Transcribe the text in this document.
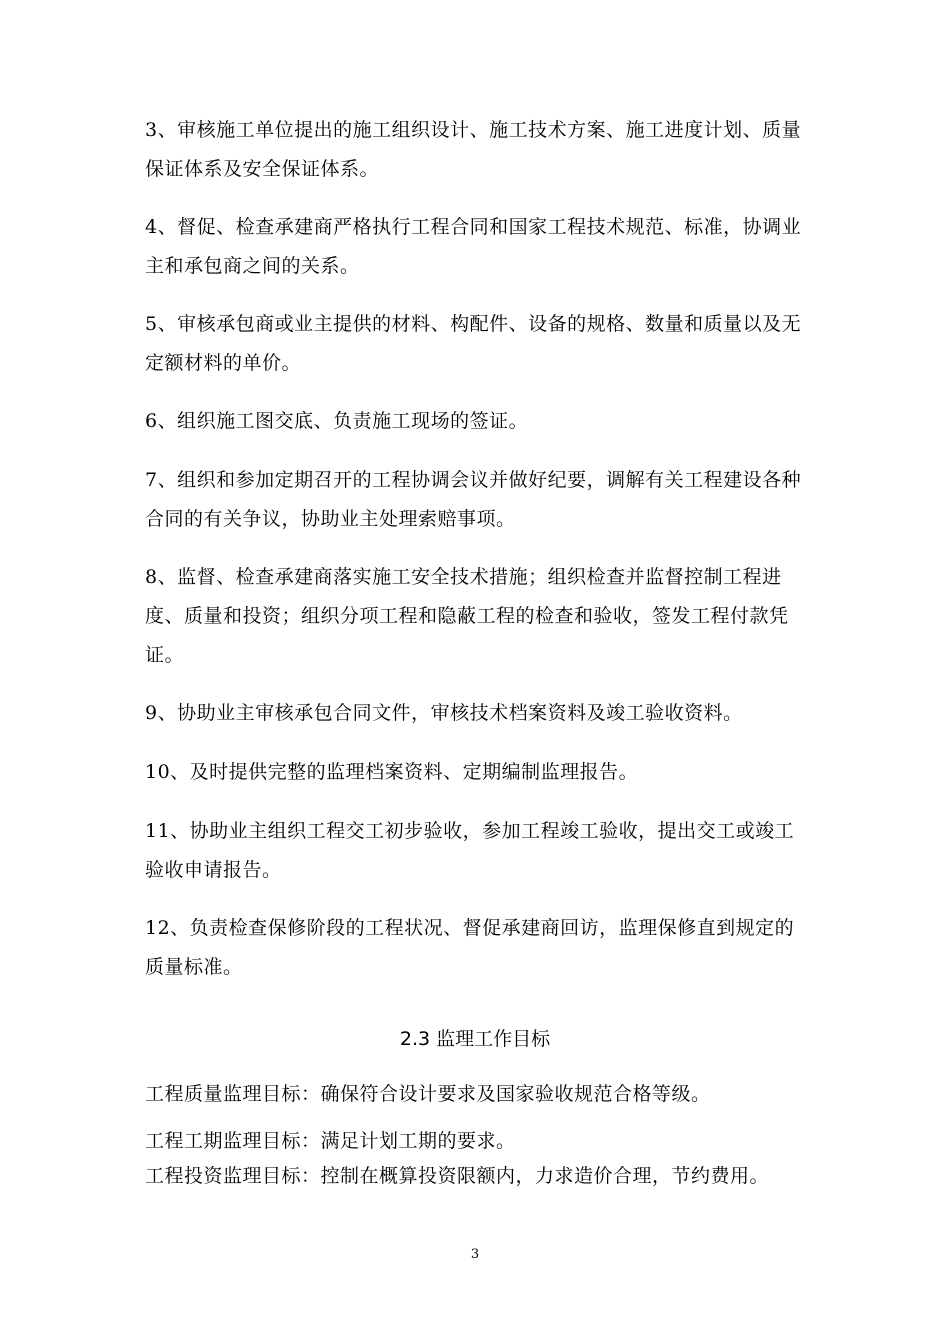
3、审核施工单位提出的施工组织设计、施工技术方案、施工进度计划、质量保证体系及安全保证体系。

4、督促、检查承建商严格执行工程合同和国家工程技术规范、标准，协调业主和承包商之间的关系。

5、审核承包商或业主提供的材料、构配件、设备的规格、数量和质量以及无定额材料的单价。

6、组织施工图交底、负责施工现场的签证。

7、组织和参加定期召开的工程协调会议并做好纪要，调解有关工程建设各种合同的有关争议，协助业主处理索赔事项。

8、监督、检查承建商落实施工安全技术措施；组织检查并监督控制工程进度、质量和投资；组织分项工程和隐蔽工程的检查和验收，签发工程付款凭证。

9、协助业主审核承包合同文件，审核技术档案资料及竣工验收资料。

10、及时提供完整的监理档案资料、定期编制监理报告。

11、协助业主组织工程交工初步验收，参加工程竣工验收，提出交工或竣工验收申请报告。

12、负责检查保修阶段的工程状况、督促承建商回访，监理保修直到规定的质量标准。

2.3 监理工作目标

工程质量监理目标：确保符合设计要求及国家验收规范合格等级。

工程工期监理目标：满足计划工期的要求。

工程投资监理目标：控制在概算投资限额内，力求造价合理，节约费用。

3
